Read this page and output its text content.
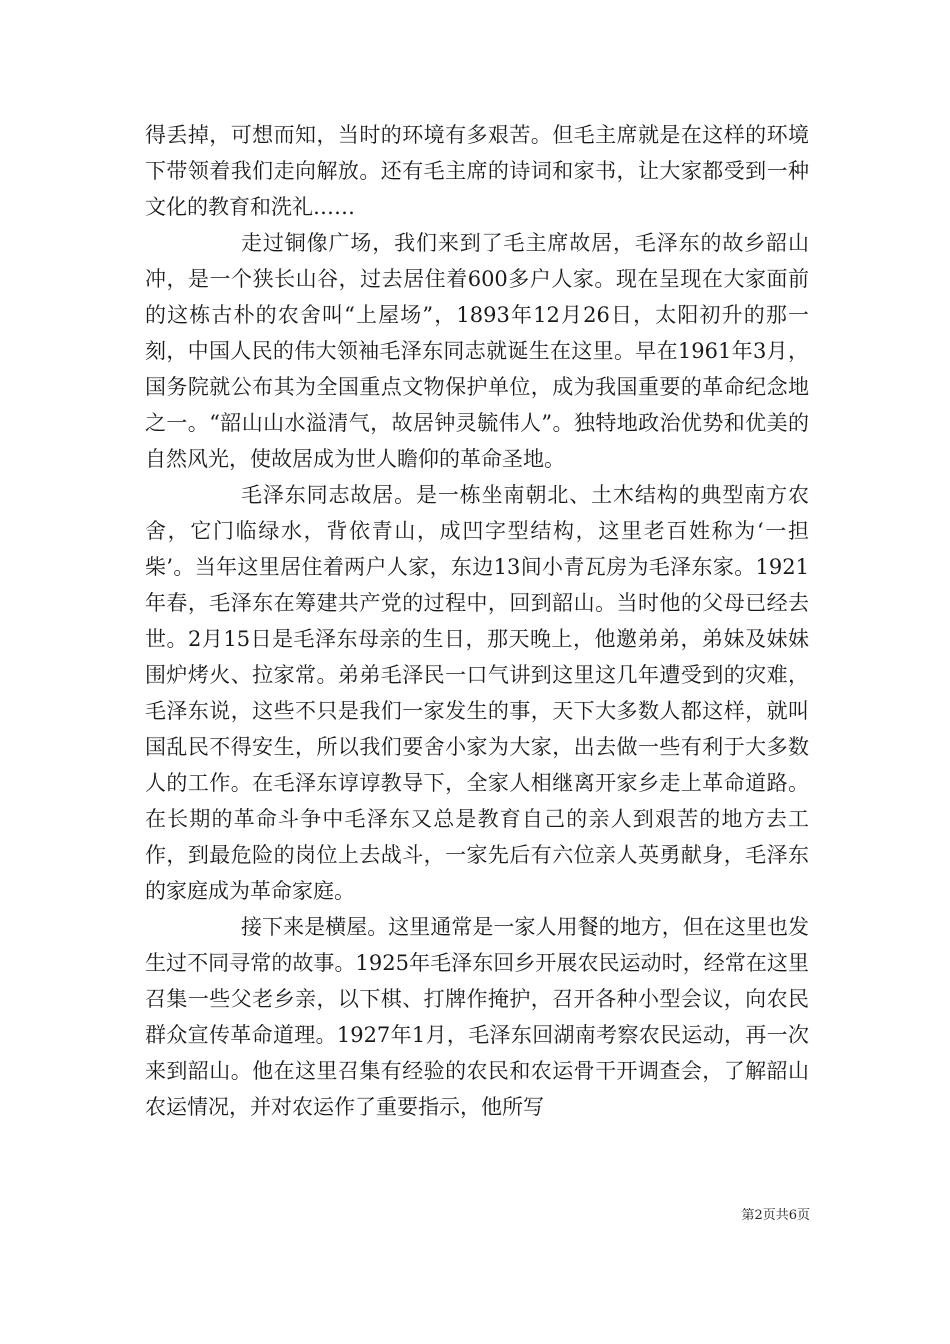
得丢掉，可想而知，当时的环境有多艰苦。但毛主席就是在这样的环境下带领着我们走向解放。还有毛主席的诗词和家书，让大家都受到一种文化的教育和洗礼……

走过铜像广场，我们来到了毛主席故居，毛泽东的故乡韶山冲，是一个狭长山谷，过去居住着600多户人家。现在呈现在大家面前的这栋古朴的农舍叫“上屋场”，1893年12月26日，太阳初升的那一刻，中国人民的伟大领袖毛泽东同志就诞生在这里。早在1961年3月，国务院就公布其为全国重点文物保护单位，成为我国重要的革命纪念地之一。“韶山山水溢清气，故居钟灵毓伟人”。独特地政治优势和优美的自然风光，使故居成为世人瞻仰的革命圣地。

毛泽东同志故居。是一栋坐南朝北、土木结构的典型南方农舍，它门临绿水，背依青山，成凹字型结构，这里老百姓称为‘一担柴’。当年这里居住着两户人家，东边13间小青瓦房为毛泽东家。1921年春，毛泽东在筹建共产党的过程中，回到韶山。当时他的父母已经去世。2月15日是毛泽东母亲的生日，那天晚上，他邀弟弟，弟妹及妹妹围炉烤火、拉家常。弟弟毛泽民一口气讲到这里这几年遭受到的灾难，毛泽东说，这些不只是我们一家发生的事，天下大多数人都这样，就叫国乱民不得安生，所以我们要舍小家为大家，出去做一些有利于大多数人的工作。在毛泽东谆谆教导下，全家人相继离开家乡走上革命道路。在长期的革命斗争中毛泽东又总是教育自己的亲人到艰苦的地方去工作，到最危险的岗位上去战斗，一家先后有六位亲人英勇献身，毛泽东的家庭成为革命家庭。

接下来是横屋。这里通常是一家人用餐的地方，但在这里也发生过不同寻常的故事。1925年毛泽东回乡开展农民运动时，经常在这里召集一些父老乡亲，以下棋、打牌作掩护，召开各种小型会议，向农民群众宣传革命道理。1927年1月，毛泽东回湖南考察农民运动，再一次来到韶山。他在这里召集有经验的农民和农运骨干开调查会，了解韶山农运情况，并对农运作了重要指示，他所写

第2页共6页
